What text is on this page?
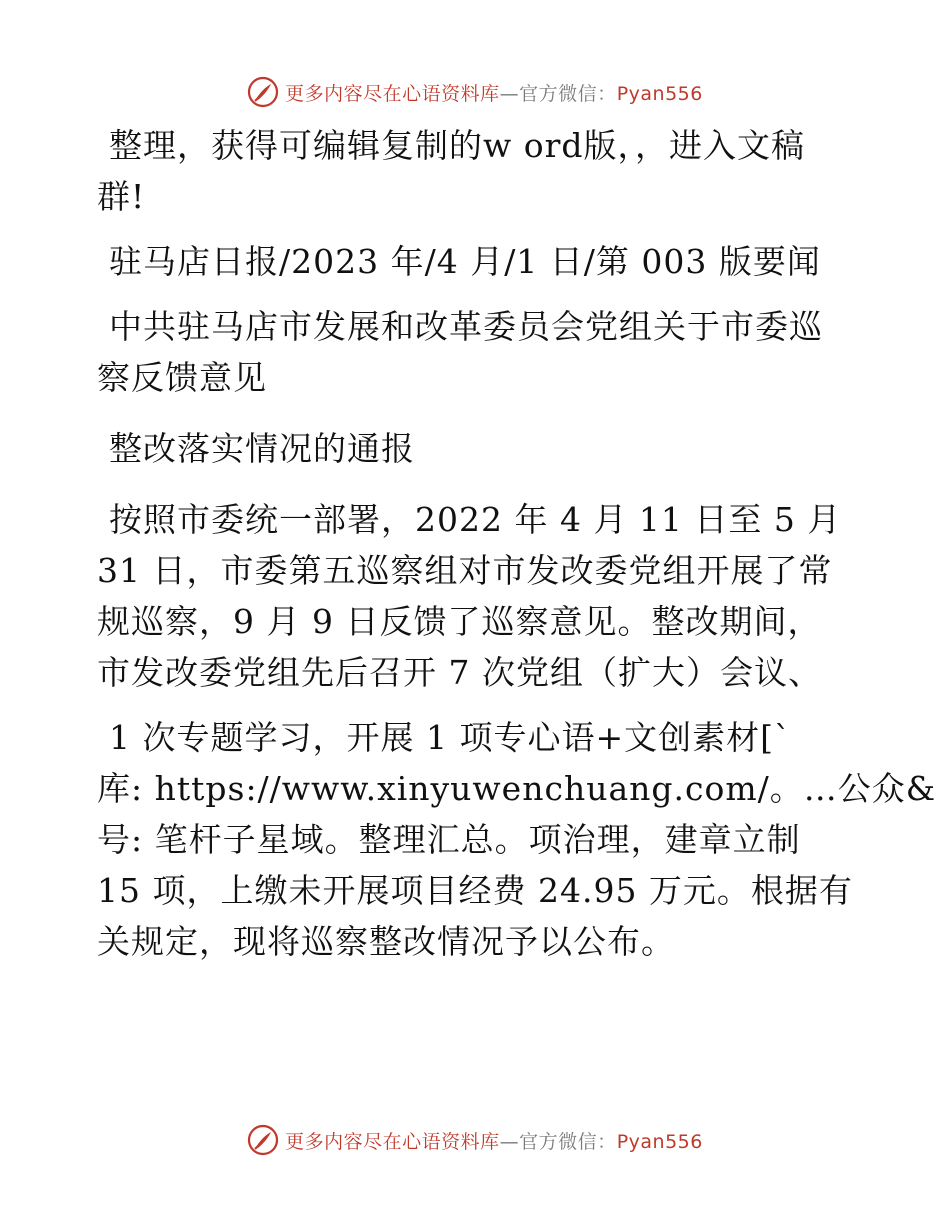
更多内容尽在心语资料库—官方微信：Pyan556
整理，获得可编辑复制的w ord版，，进入文稿
群!
驻马店日报/2023 年/4 月/1 日/第 003 版要闻
中共驻马店市发展和改革委员会党组关于市委巡
察反馈意见
整改落实情况的通报
按照市委统一部署，2022 年 4 月 11 日至 5 月
31 日，市委第五巡察组对市发改委党组开展了常
规巡察，9 月 9 日反馈了巡察意见。整改期间，
市发改委党组先后召开 7 次党组（扩大）会议、
1 次专题学习，开展 1 项专心语+文创素材[`
库: https://www.xinyuwenchuang.com/。…公众&
号: 笔杆子星域。整理汇总。项治理，建章立制
15 项，上缴未开展项目经费 24.95 万元。根据有
关规定，现将巡察整改情况予以公布。
更多内容尽在心语资料库—官方微信：Pyan556
